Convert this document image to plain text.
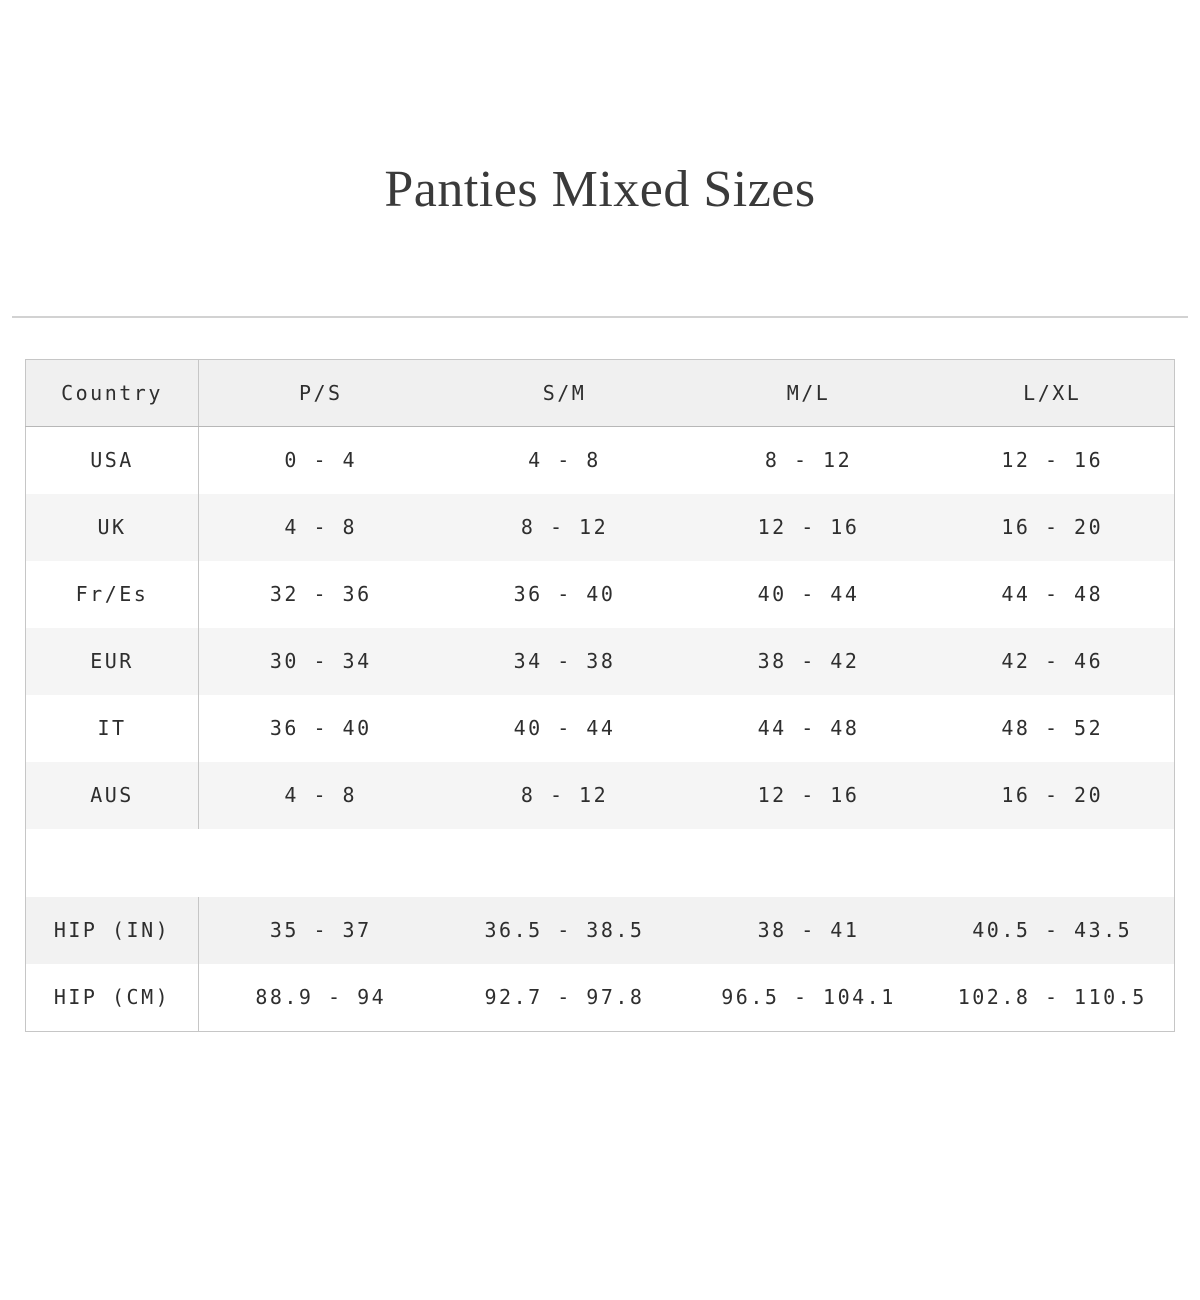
Panties Mixed Sizes
Country	P/S	S/M	M/L	L/XL
USA	0 - 4	4 - 8	8 - 12	12 - 16
UK	4 - 8	8 - 12	12 - 16	16 - 20
Fr/Es	32 - 36	36 - 40	40 - 44	44 - 48
EUR	30 - 34	34 - 38	38 - 42	42 - 46
IT	36 - 40	40 - 44	44 - 48	48 - 52
AUS	4 - 8	8 - 12	12 - 16	16 - 20

HIP (IN)	35 - 37	36.5 - 38.5	38 - 41	40.5 - 43.5
HIP (CM)	88.9 - 94	92.7 - 97.8	96.5 - 104.1	102.8 - 110.5
